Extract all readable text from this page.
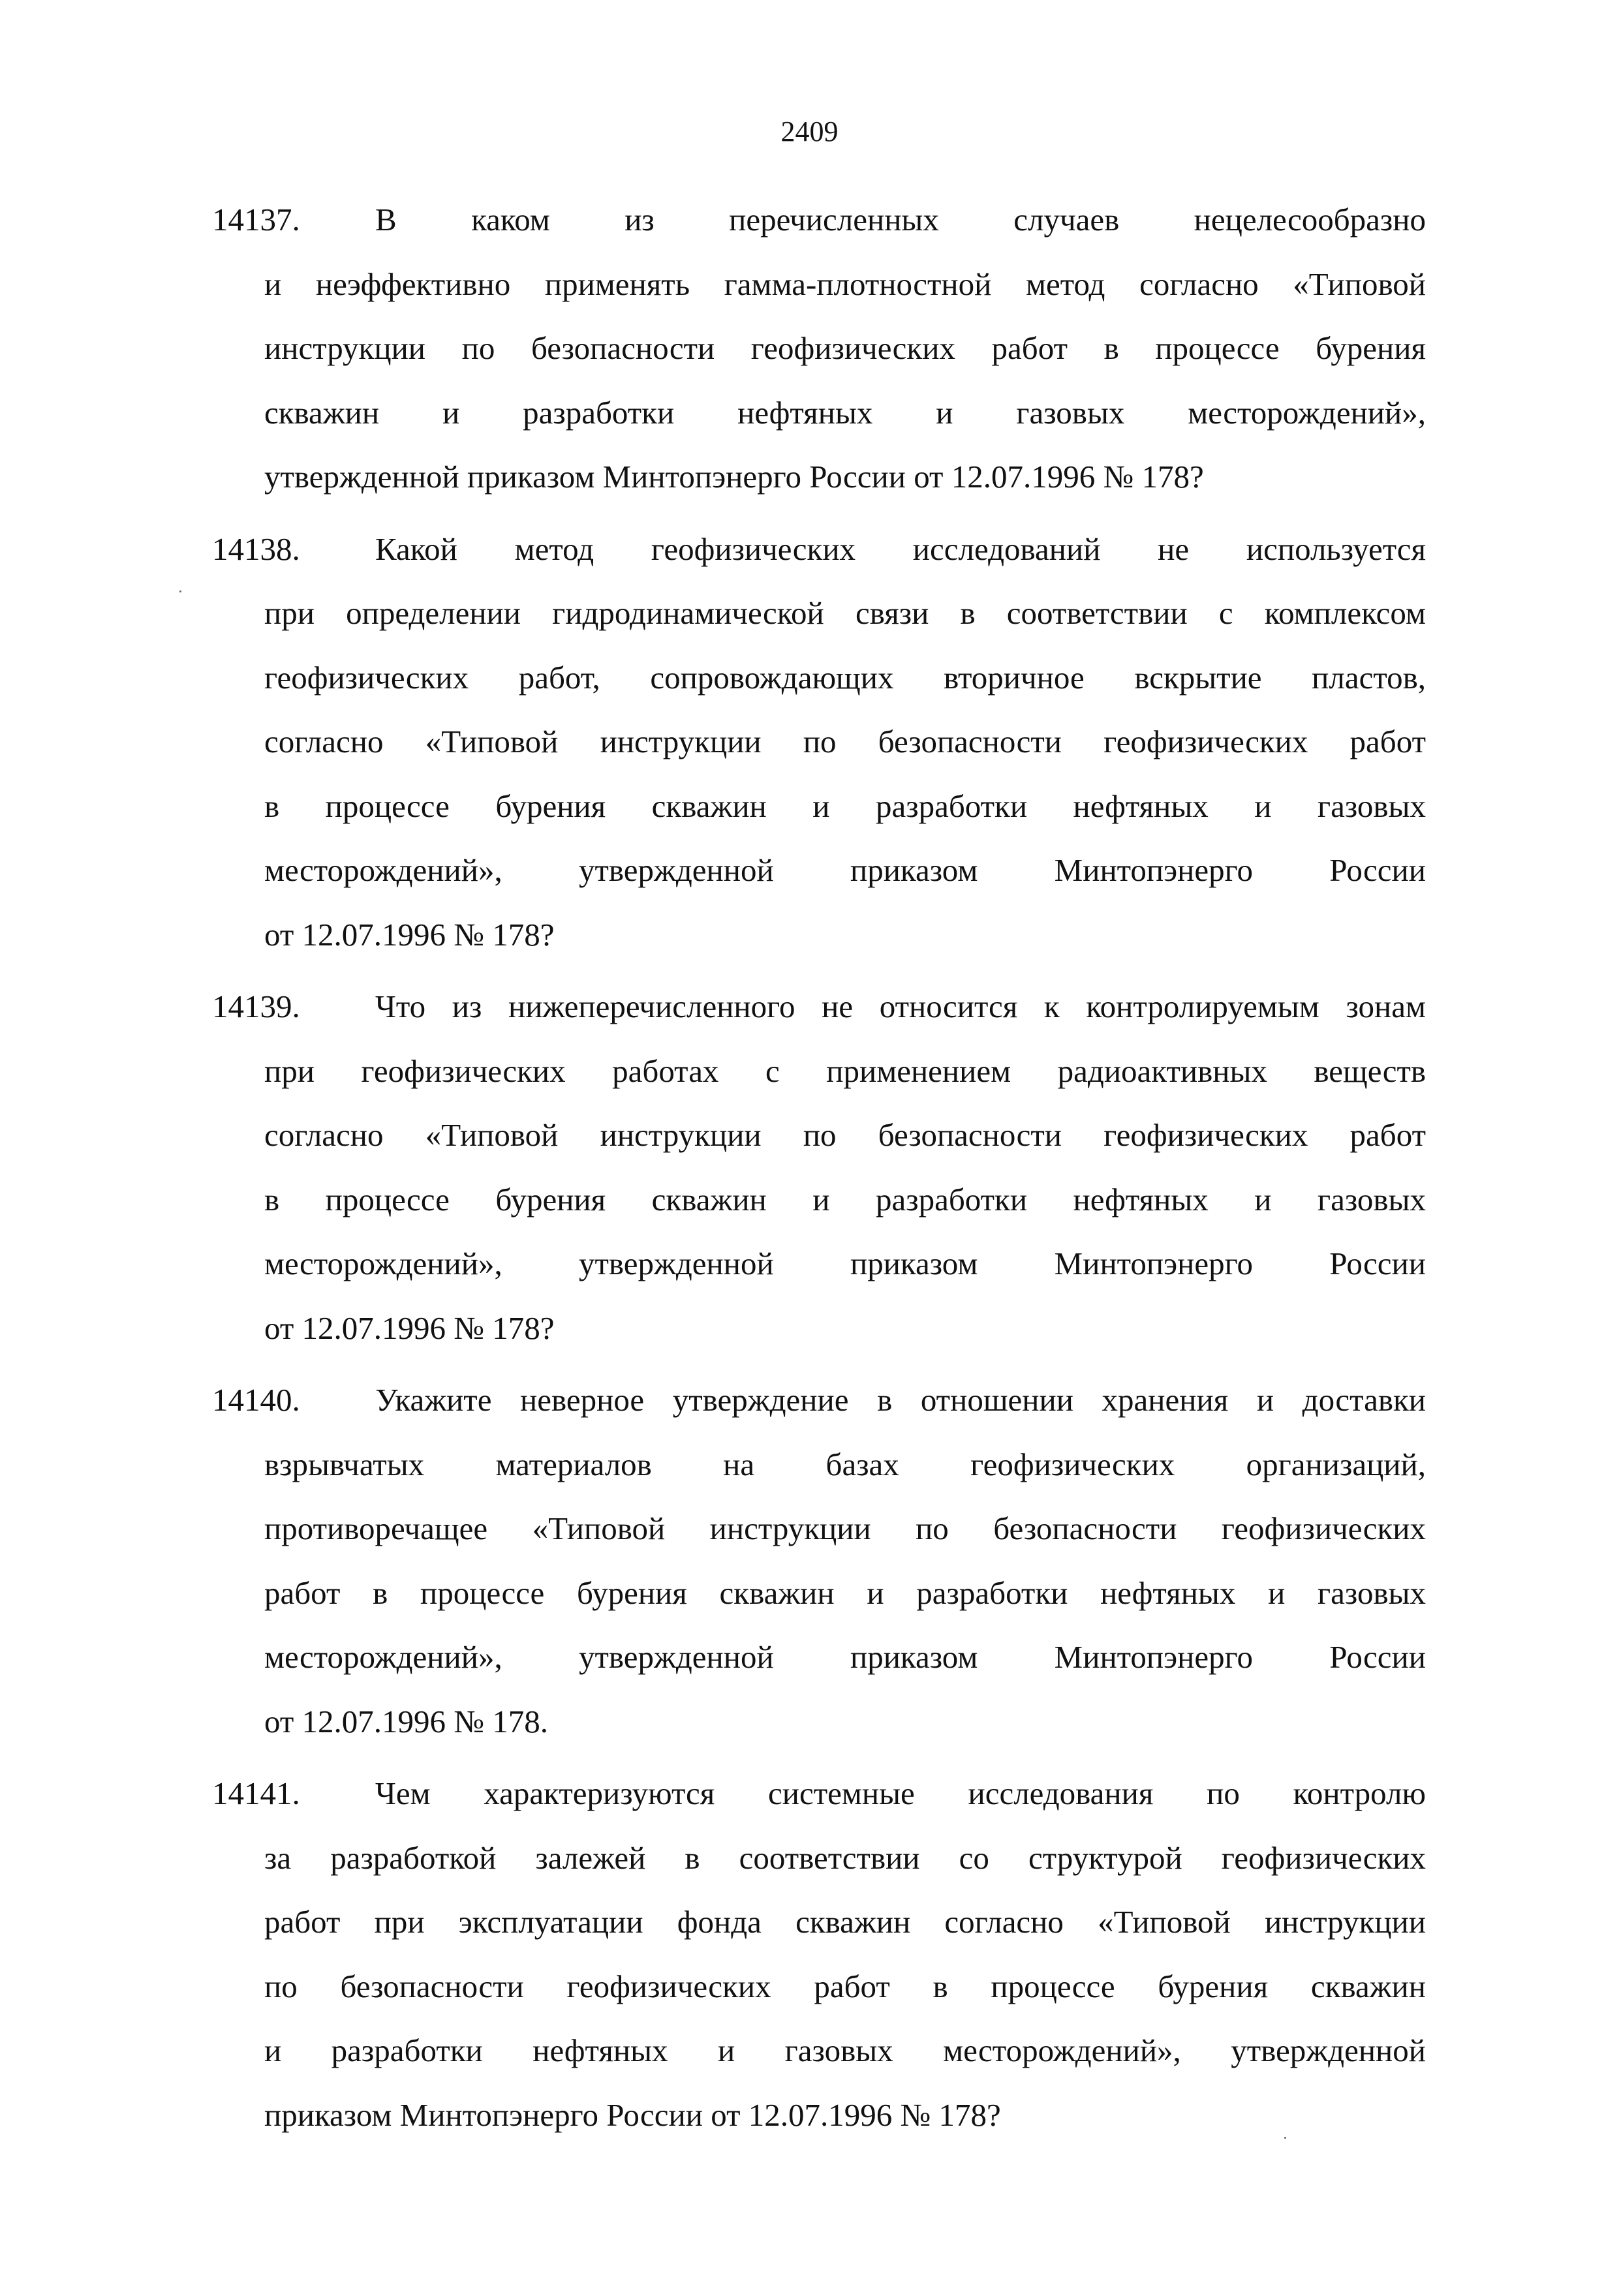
2409
14137.	В каком из перечисленных случаев нецелесообразно
и неэффективно применять гамма-плотностной метод согласно «Типовой
инструкции по безопасности геофизических работ в процессе бурения
скважин и разработки нефтяных и газовых месторождений»,
утвержденной приказом Минтопэнерго России от 12.07.1996 № 178?
14138.	Какой метод геофизических исследований не используется
при определении гидродинамической связи в соответствии с комплексом
геофизических работ, сопровождающих вторичное вскрытие пластов,
согласно «Типовой инструкции по безопасности геофизических работ
в процессе бурения скважин и разработки нефтяных и газовых
месторождений», утвержденной приказом Минтопэнерго России
от 12.07.1996 № 178?
14139.	Что из нижеперечисленного не относится к контролируемым зонам
при геофизических работах с применением радиоактивных веществ
согласно «Типовой инструкции по безопасности геофизических работ
в процессе бурения скважин и разработки нефтяных и газовых
месторождений», утвержденной приказом Минтопэнерго России
от 12.07.1996 № 178?
14140.	Укажите неверное утверждение в отношении хранения и доставки
взрывчатых материалов на базах геофизических организаций,
противоречащее «Типовой инструкции по безопасности геофизических
работ в процессе бурения скважин и разработки нефтяных и газовых
месторождений», утвержденной приказом Минтопэнерго России
от 12.07.1996 № 178.
14141.	Чем характеризуются системные исследования по контролю
за разработкой залежей в соответствии со структурой геофизических
работ при эксплуатации фонда скважин согласно «Типовой инструкции
по безопасности геофизических работ в процессе бурения скважин
и разработки нефтяных и газовых месторождений», утвержденной
приказом Минтопэнерго России от 12.07.1996 № 178?
